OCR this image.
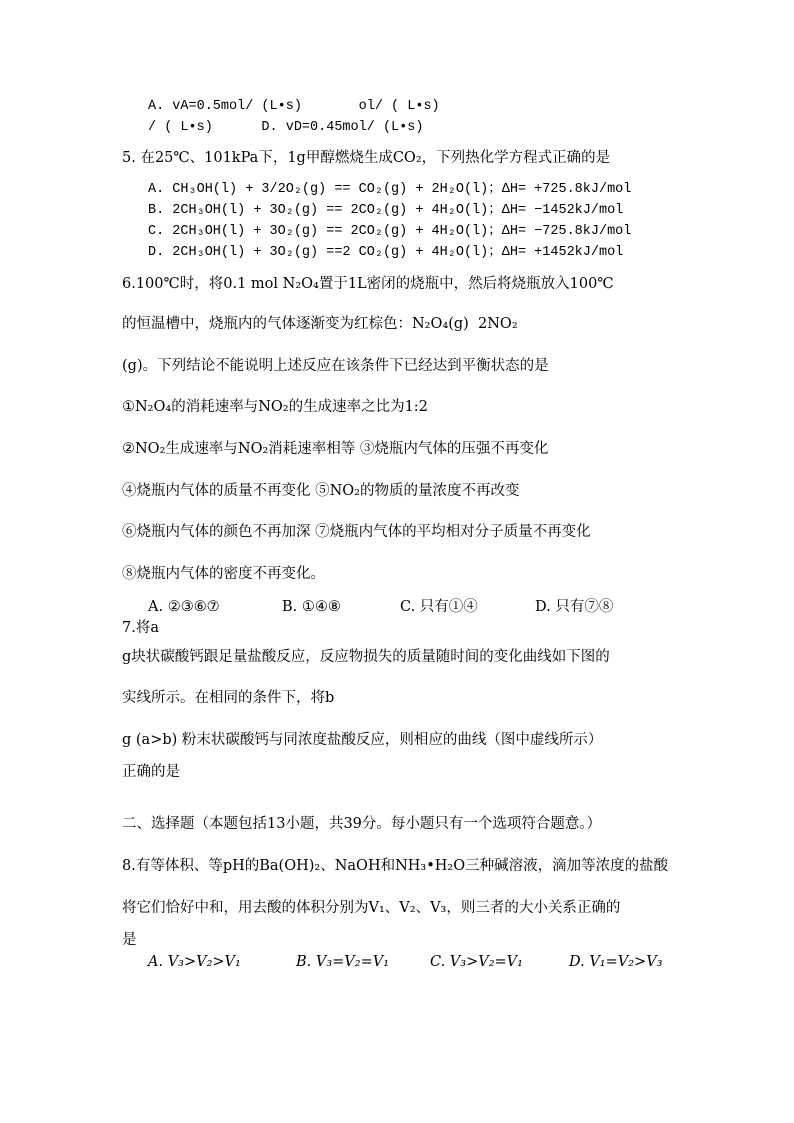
A. vA=0.5mol/ (L•s)       ol/ ( L•s)
/ ( L•s)      D. vD=0.45mol/ (L•s)
5. 在25℃、101kPa下，1g甲醇燃烧生成CO₂，下列热化学方程式正确的是
A. CH₃OH(l) + 3/2O₂(g) == CO₂(g) + 2H₂O(l)；ΔH= +725.8kJ/mol
B. 2CH₃OH(l) + 3O₂(g) == 2CO₂(g) + 4H₂O(l)；ΔH= −1452kJ/mol
C. 2CH₃OH(l) + 3O₂(g) == 2CO₂(g) + 4H₂O(l)；ΔH= −725.8kJ/mol
D. 2CH₃OH(l) + 3O₂(g) ==2 CO₂(g) + 4H₂O(l)；ΔH= +1452kJ/mol
6.100℃时，将0.1 mol N₂O₄置于1L密闭的烧瓶中，然后将烧瓶放入100℃
的恒温槽中，烧瓶内的气体逐渐变为红棕色：N₂O₄(g)  2NO₂
(g)。下列结论不能说明上述反应在该条件下已经达到平衡状态的是
①N₂O₄的消耗速率与NO₂的生成速率之比为1:2
②NO₂生成速率与NO₂消耗速率相等 ③烧瓶内气体的压强不再变化
④烧瓶内气体的质量不再变化 ⑤NO₂的物质的量浓度不再改变
⑥烧瓶内气体的颜色不再加深 ⑦烧瓶内气体的平均相对分子质量不再变化
⑧烧瓶内气体的密度不再变化。
A. ②③⑥⑦	B. ①④⑧	C. 只有①④	D. 只有⑦⑧
7.将a
g块状碳酸钙跟足量盐酸反应，反应物损失的质量随时间的变化曲线如下图的
实线所示。在相同的条件下，将b
g (a>b) 粉末状碳酸钙与同浓度盐酸反应，则相应的曲线（图中虚线所示）
正确的是
二、选择题（本题包括13小题，共39分。每小题只有一个选项符合题意。）
8.有等体积、等pH的Ba(OH)₂、NaOH和NH₃•H₂O三种碱溶液，滴加等浓度的盐酸
将它们恰好中和，用去酸的体积分别为V₁、V₂、V₃，则三者的大小关系正确的
是
A. V₃>V₂>V₁	B. V₃=V₂=V₁	C. V₃>V₂=V₁	D. V₁=V₂>V₃
